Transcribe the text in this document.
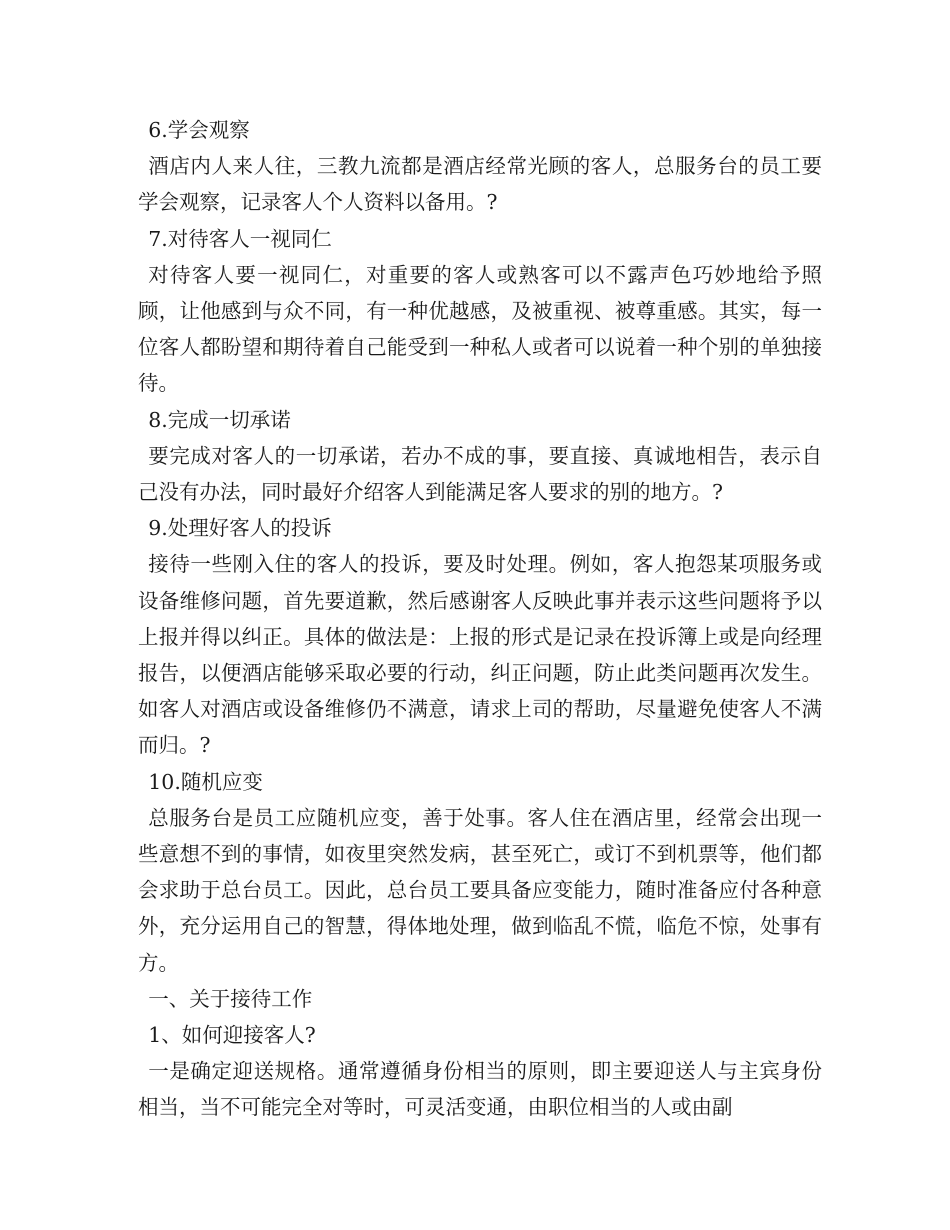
6.学会观察

酒店内人来人往，三教九流都是酒店经常光顾的客人，总服务台的员工要学会观察，记录客人个人资料以备用。?

7.对待客人一视同仁

对待客人要一视同仁，对重要的客人或熟客可以不露声色巧妙地给予照顾，让他感到与众不同，有一种优越感，及被重视、被尊重感。其实，每一位客人都盼望和期待着自己能受到一种私人或者可以说着一种个别的单独接待。

8.完成一切承诺

要完成对客人的一切承诺，若办不成的事，要直接、真诚地相告，表示自己没有办法，同时最好介绍客人到能满足客人要求的别的地方。?

9.处理好客人的投诉

接待一些刚入住的客人的投诉，要及时处理。例如，客人抱怨某项服务或设备维修问题，首先要道歉，然后感谢客人反映此事并表示这些问题将予以上报并得以纠正。具体的做法是：上报的形式是记录在投诉簿上或是向经理报告，以便酒店能够采取必要的行动，纠正问题，防止此类问题再次发生。如客人对酒店或设备维修仍不满意，请求上司的帮助，尽量避免使客人不满而归。?

10.随机应变

总服务台是员工应随机应变，善于处事。客人住在酒店里，经常会出现一些意想不到的事情，如夜里突然发病，甚至死亡，或订不到机票等，他们都会求助于总台员工。因此，总台员工要具备应变能力，随时准备应付各种意外，充分运用自己的智慧，得体地处理，做到临乱不慌，临危不惊，处事有方。

一、关于接待工作

1、如何迎接客人?

一是确定迎送规格。通常遵循身份相当的原则，即主要迎送人与主宾身份相当，当不可能完全对等时，可灵活变通，由职位相当的人或由副
